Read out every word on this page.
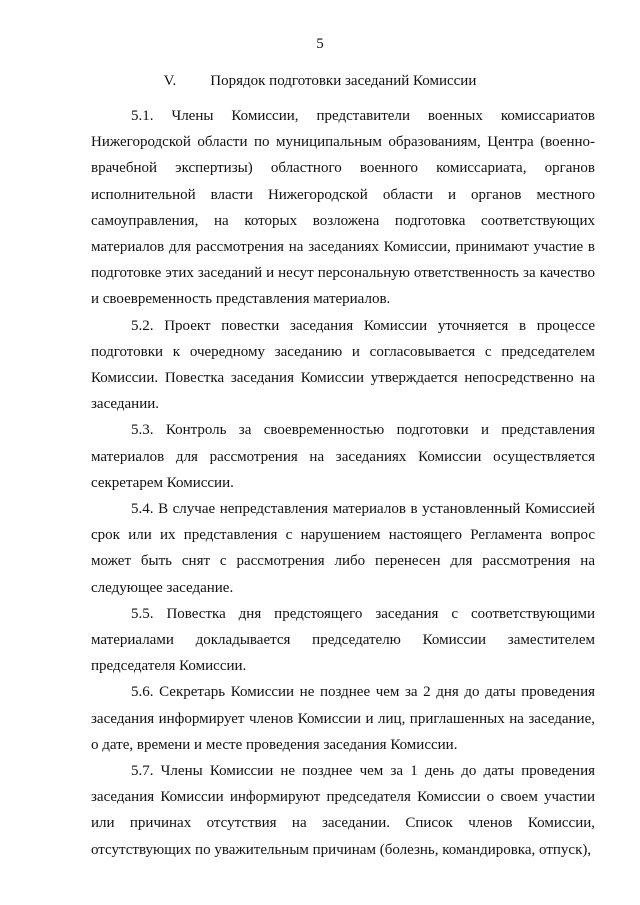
5
V. Порядок подготовки заседаний Комиссии

5.1. Члены Комиссии, представители военных комиссариатов Нижегородской области по муниципальным образованиям, Центра (военно-врачебной экспертизы) областного военного комиссариата, органов исполнительной власти Нижегородской области и органов местного самоуправления, на которых возложена подготовка соответствующих материалов для рассмотрения на заседаниях Комиссии, принимают участие в подготовке этих заседаний и несут персональную ответственность за качество и своевременность представления материалов.

5.2. Проект повестки заседания Комиссии уточняется в процессе подготовки к очередному заседанию и согласовывается с председателем Комиссии. Повестка заседания Комиссии утверждается непосредственно на заседании.

5.3. Контроль за своевременностью подготовки и представления материалов для рассмотрения на заседаниях Комиссии осуществляется секретарем Комиссии.

5.4. В случае непредставления материалов в установленный Комиссией срок или их представления с нарушением настоящего Регламента вопрос может быть снят с рассмотрения либо перенесен для рассмотрения на следующее заседание.

5.5. Повестка дня предстоящего заседания с соответствующими материалами докладывается председателю Комиссии заместителем председателя Комиссии.

5.6. Секретарь Комиссии не позднее чем за 2 дня до даты проведения заседания информирует членов Комиссии и лиц, приглашенных на заседание, о дате, времени и месте проведения заседания Комиссии.

5.7. Члены Комиссии не позднее чем за 1 день до даты проведения заседания Комиссии информируют председателя Комиссии о своем участии или причинах отсутствия на заседании. Список членов Комиссии, отсутствующих по уважительным причинам (болезнь, командировка, отпуск),
